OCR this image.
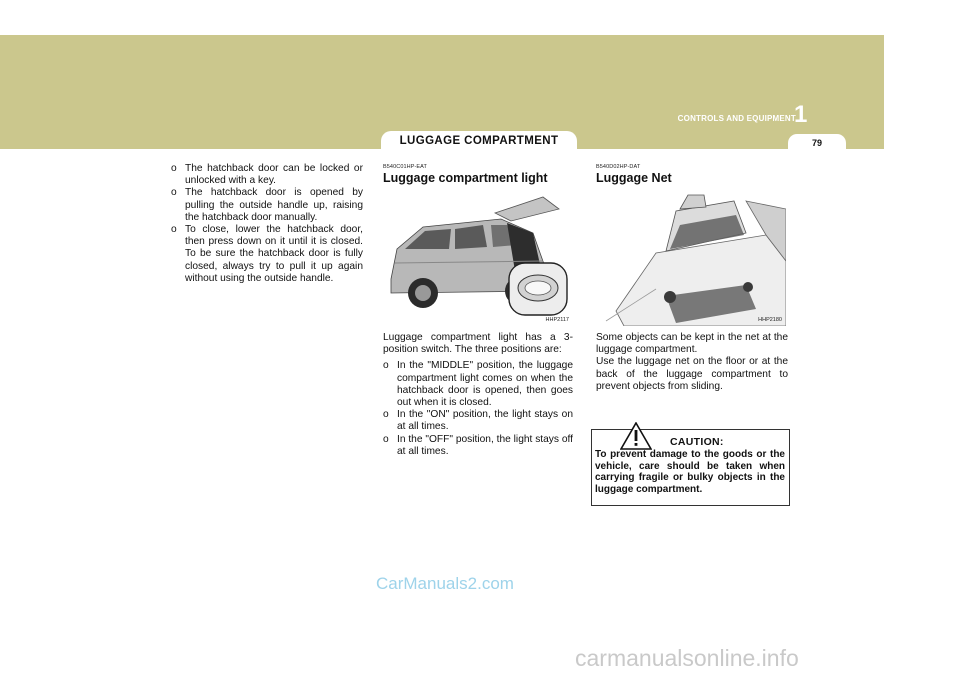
CONTROLS AND EQUIPMENT
1
79
LUGGAGE COMPARTMENT
o The hatchback door can be locked or unlocked with a key.
o The hatchback door is opened by pulling the outside handle up, raising the hatchback door manually.
o To close, lower the hatchback door, then press down on it until it is closed. To be sure the hatchback door is fully closed, always try to pull it up again without using the outside handle.
B540C01HP-EAT
Luggage compartment light
HHP2117

Luggage compartment light has a 3-position switch. The three positions are:

o In the "MIDDLE" position, the luggage compartment light comes on when the hatchback door is opened, then goes out when it is closed.
o In the "ON" position, the light stays on at all times.
o In the "OFF" position, the light stays off at all times.
B540D02HP-DAT
Luggage Net
HHP2180

Some objects can be kept in the net at the luggage compartment.

Use the luggage net on the floor or at the back of the luggage compartment to prevent objects from sliding.

CAUTION:
To prevent damage to the goods or the vehicle, care should be taken when carrying fragile or bulky objects in the luggage compartment.
CarManuals2.com
carmanualsonline.info
